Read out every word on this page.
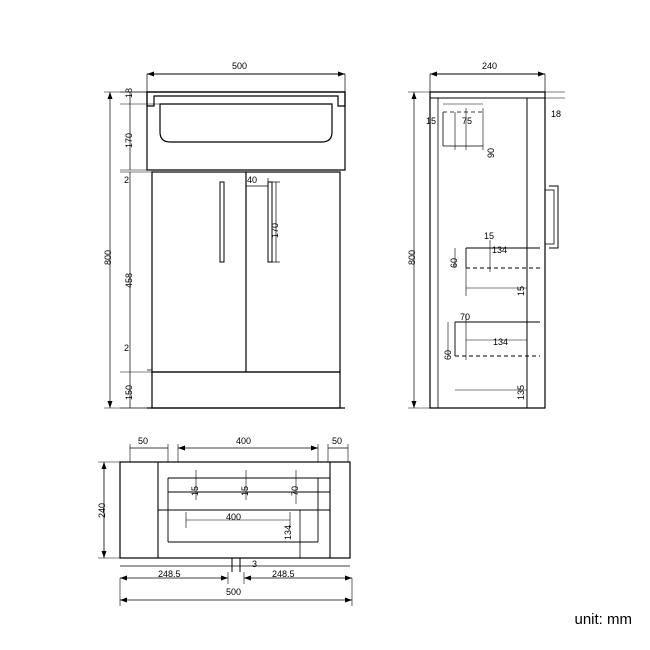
500
18
170
2
458
2
150
800
40
170
240
15	75
90
18
15
134
60
15
70
134
60
135
800
50	400	50
240
15	15	70
400
134
248.5
3
248.5
500
unit: mm
